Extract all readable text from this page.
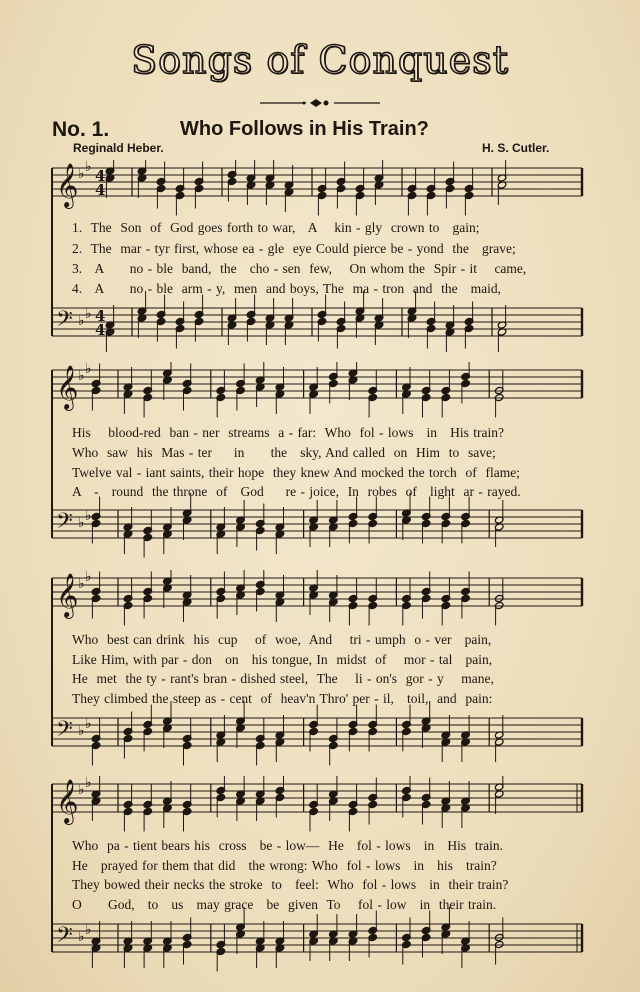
Songs of Conquest
No. 1.	Who Follows in His Train?
Reginald Heber.	H. S. Cutler.
𝄞 ♭ ♭ 4
4
𝄢 ♭ ♭ 4
4
1.  The  Son  of  God goes forth to war,   A    kin - gly  crown to   gain;
2.  The  mar - tyr first, whose ea - gle  eye Could pierce be - yond  the   grave;
3.   A      no - ble  band,  the   cho - sen  few,    On whom the  Spir - it    came,
4.   A      no - ble  arm - y,  men  and boys, The  ma - tron  and  the   maid,
𝄞 ♭ ♭
𝄢 ♭ ♭
His    blood-red  ban - ner  streams  a - far:  Who  fol - lows   in   His train?
Who  saw  his  Mas - ter     in      the   sky, And called  on  Him  to  save;
Twelve val - iant saints, their hope  they knew And mocked the torch  of  flame;
A   -   round  the throne  of   God     re - joice,  In  robes  of   light  ar - rayed.
𝄞 ♭ ♭
𝄢 ♭ ♭
Who  best can drink  his  cup    of  woe,  And    tri - umph  o - ver   pain,
Like Him, with par - don   on   his tongue, In  midst  of    mor - tal   pain,
He  met  the ty - rant's bran - dished steel,  The    li - on's  gor - y    mane,
They climbed the steep as - cent  of  heav'n Thro' per - il,   toil,  and  pain:
𝄞 ♭ ♭
𝄢 ♭ ♭
Who  pa - tient bears his  cross   be - low—  He   fol - lows   in   His  train.
He   prayed for them that did   the wrong: Who  fol - lows   in   his   train?
They bowed their necks the stroke  to   feel:  Who  fol - lows   in  their train?
O      God,   to   us   may grace   be  given  To    fol - low   in  their train.
